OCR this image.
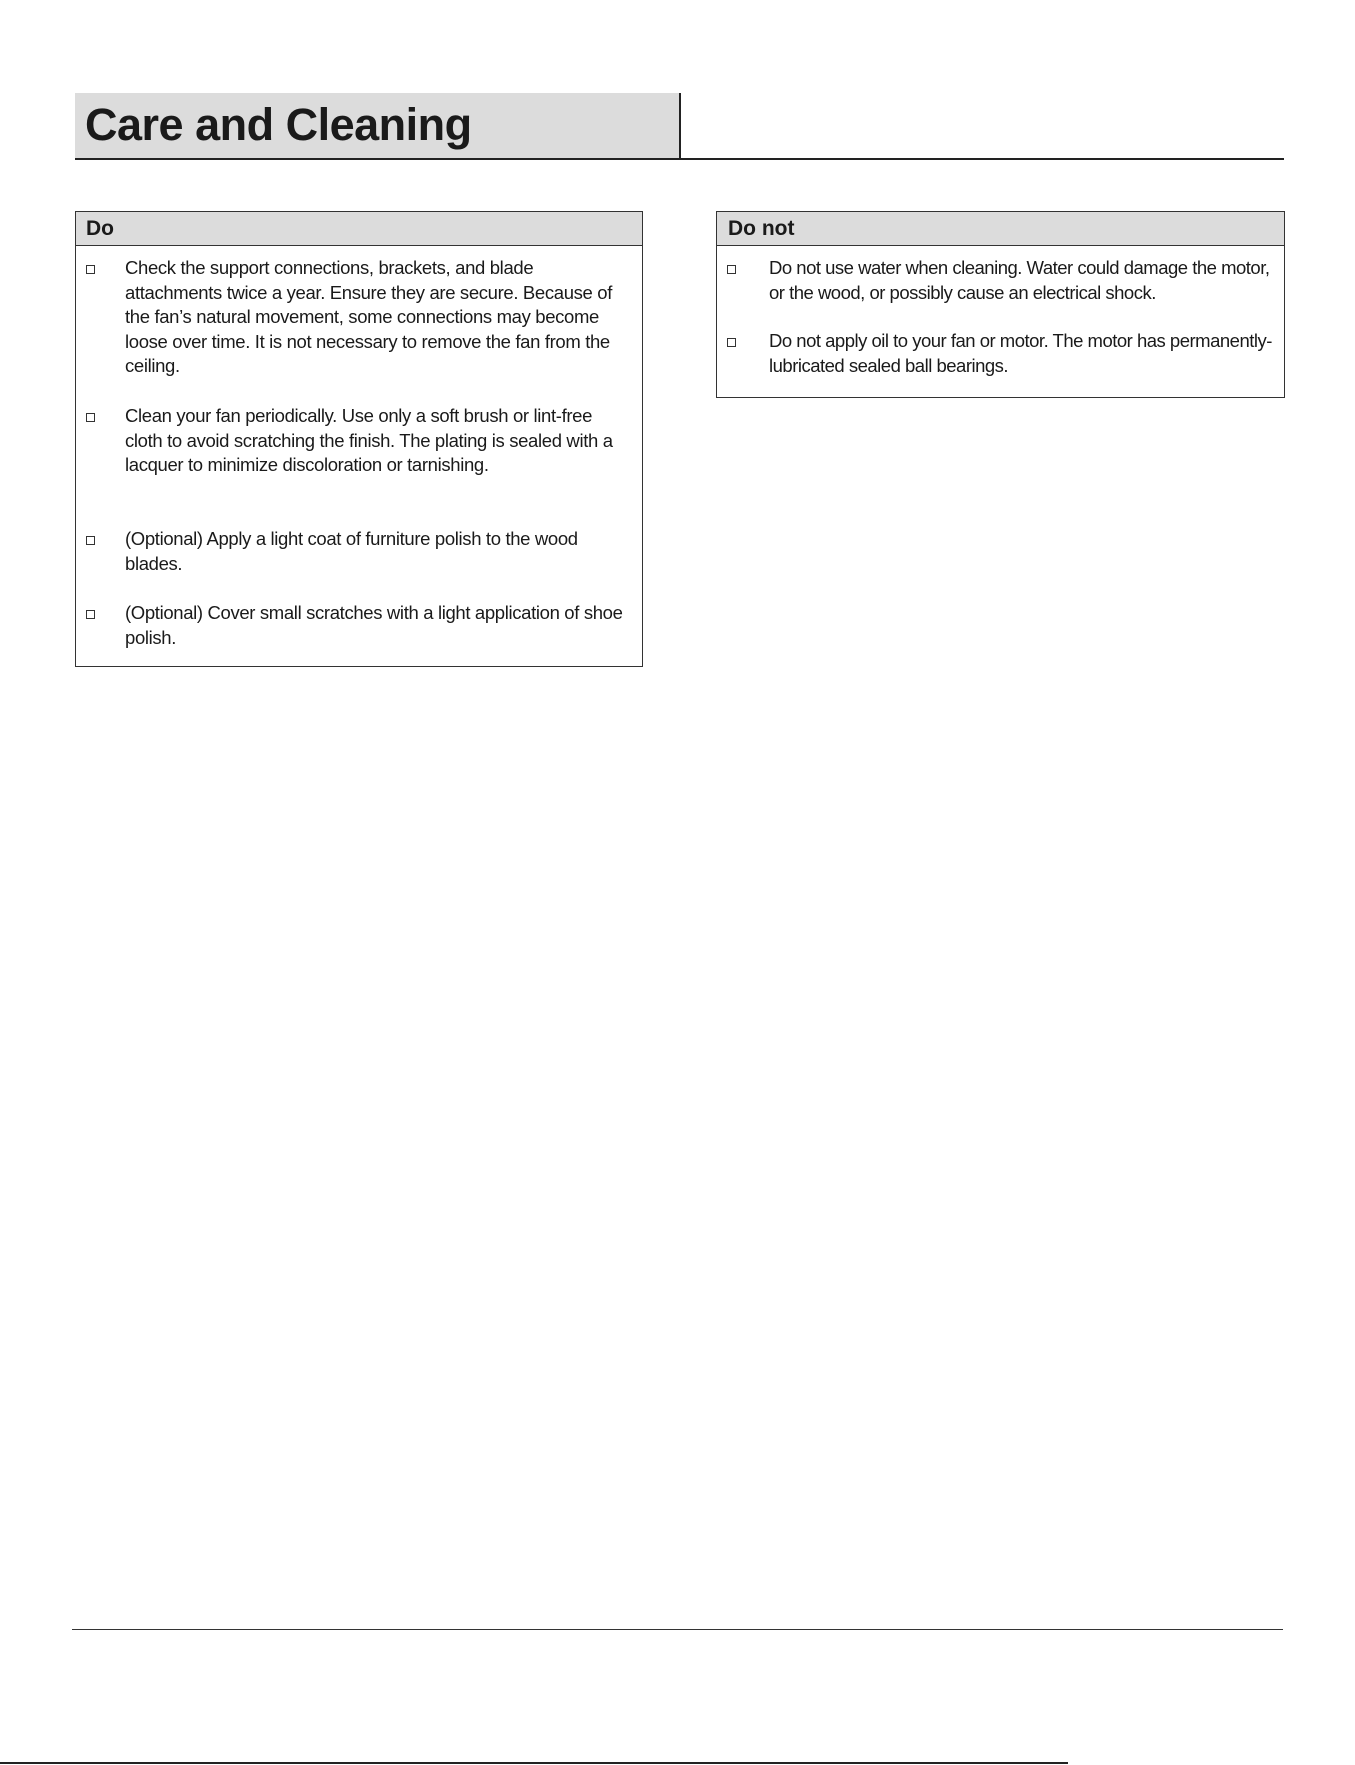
Care and Cleaning
Do
Check the support connections, brackets, and blade attachments twice a year. Ensure they are secure. Because of the fan’s natural movement, some connections may become loose over time. It is not necessary to remove the fan from the ceiling.
Clean your fan periodically. Use only a soft brush or lint-free cloth to avoid scratching the finish. The plating is sealed with a lacquer to minimize discoloration or tarnishing.
(Optional) Apply a light coat of furniture polish to the wood blades.
(Optional) Cover small scratches with a light application of shoe polish.
Do not
Do not use water when cleaning. Water could damage the motor, or the wood, or possibly cause an electrical shock.
Do not apply oil to your fan or motor. The motor has permanently-lubricated sealed ball bearings.
